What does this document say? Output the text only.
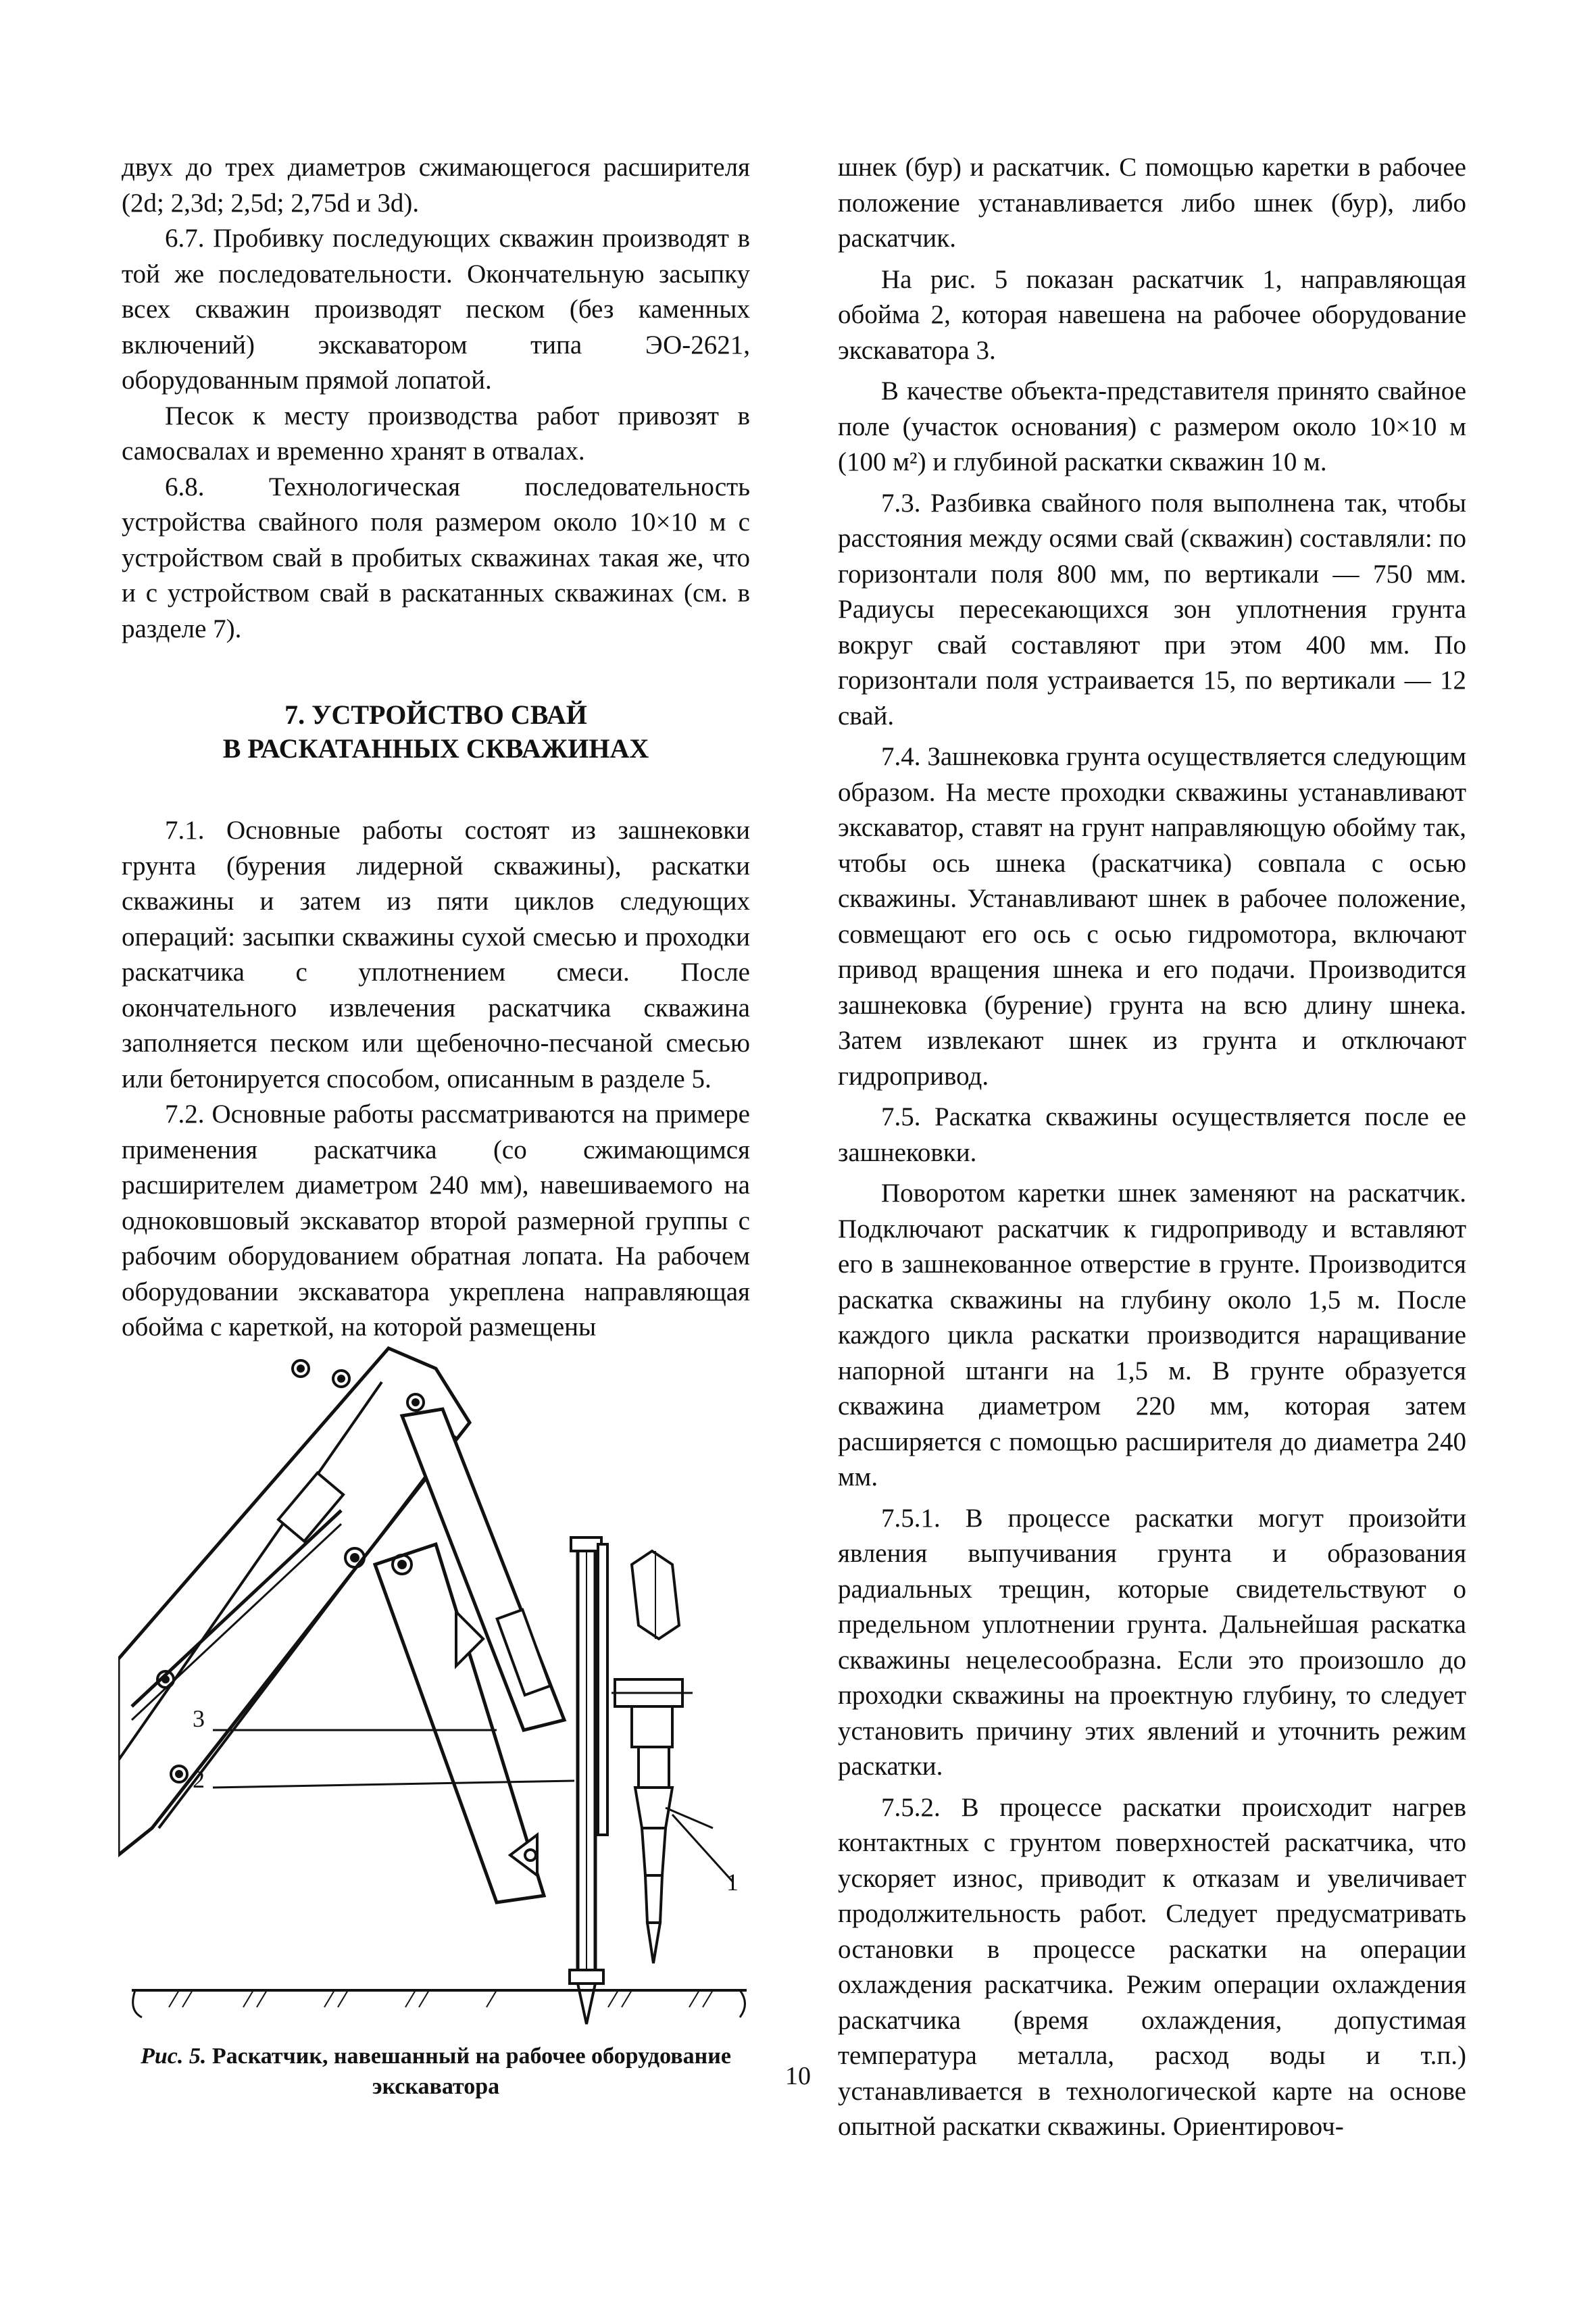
двух до трех диаметров сжимающегося расширителя (2d; 2,3d; 2,5d; 2,75d и 3d).

6.7. Пробивку последующих скважин производят в той же последовательности. Окончательную засыпку всех скважин производят песком (без каменных включений) экскаватором типа ЭО-2621, оборудованным прямой лопатой.

Песок к месту производства работ привозят в самосвалах и временно хранят в отвалах.

6.8. Технологическая последовательность устройства свайного поля размером около 10×10 м с устройством свай в пробитых скважинах такая же, что и с устройством свай в раскатанных скважинах (см. в разделе 7).

7. УСТРОЙСТВО СВАЙ
В РАСКАТАННЫХ СКВАЖИНАХ

7.1. Основные работы состоят из зашнековки грунта (бурения лидерной скважины), раскатки скважины и затем из пяти циклов следующих операций: засыпки скважины сухой смесью и проходки раскатчика с уплотнением смеси. После окончательного извлечения раскатчика скважина заполняется песком или щебеночно-песчаной смесью или бетонируется способом, описанным в разделе 5.

7.2. Основные работы рассматриваются на примере применения раскатчика (со сжимающимся расширителем диаметром 240 мм), навешиваемого на одноковшовый экскаватор второй размерной группы с рабочим оборудованием обратная лопата. На рабочем оборудовании экскаватора укреплена направляющая обойма с кареткой, на которой размещены

шнек (бур) и раскатчик. С помощью каретки в рабочее положение устанавливается либо шнек (бур), либо раскатчик.

На рис. 5 показан раскатчик 1, направляющая обойма 2, которая навешена на рабочее оборудование экскаватора 3.

В качестве объекта-представителя принято свайное поле (участок основания) с размером около 10×10 м (100 м²) и глубиной раскатки скважин 10 м.

7.3. Разбивка свайного поля выполнена так, чтобы расстояния между осями свай (скважин) составляли: по горизонтали поля 800 мм, по вертикали — 750 мм. Радиусы пересекающихся зон уплотнения грунта вокруг свай составляют при этом 400 мм. По горизонтали поля устраивается 15, по вертикали — 12 свай.

7.4. Зашнековка грунта осуществляется следующим образом. На месте проходки скважины устанавливают экскаватор, ставят на грунт направляющую обойму так, чтобы ось шнека (раскатчика) совпала с осью скважины. Устанавливают шнек в рабочее положение, совмещают его ось с осью гидромотора, включают привод вращения шнека и его подачи. Производится зашнековка (бурение) грунта на всю длину шнека. Затем извлекают шнек из грунта и отключают гидропривод.

7.5. Раскатка скважины осуществляется после ее зашнековки.

Поворотом каретки шнек заменяют на раскатчик. Подключают раскатчик к гидроприводу и вставляют его в зашнекованное отверстие в грунте. Производится раскатка скважины на глубину около 1,5 м. После каждого цикла раскатки производится наращивание напорной штанги на 1,5 м. В грунте образуется скважина диаметром 220 мм, которая затем расширяется с помощью расширителя до диаметра 240 мм.

7.5.1. В процессе раскатки могут произойти явления выпучивания грунта и образования радиальных трещин, которые свидетельствуют о предельном уплотнении грунта. Дальнейшая раскатка скважины нецелесообразна. Если это произошло до проходки скважины на проектную глубину, то следует установить причину этих явлений и уточнить режим раскатки.

7.5.2. В процессе раскатки происходит нагрев контактных с грунтом поверхностей раскатчика, что ускоряет износ, приводит к отказам и увеличивает продолжительность работ. Следует предусматривать остановки в процессе раскатки на операции охлаждения раскатчика. Режим операции охлаждения раскатчика (время охлаждения, допустимая температура металла, расход воды и т.п.) устанавливается в технологической карте на основе опытной раскатки скважины. Ориентировоч-

3
2
1
Рис. 5. Раскатчик, навешанный на рабочее оборудование экскаватора	10
